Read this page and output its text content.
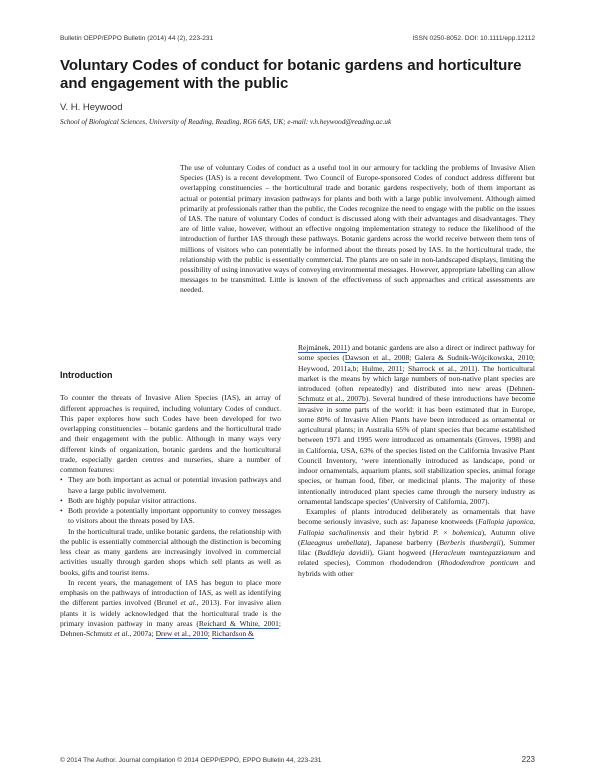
Bulletin OEPP/EPPO Bulletin (2014) 44 (2), 223-231	ISSN 0250-8052. DOI: 10.1111/epp.12112
Voluntary Codes of conduct for botanic gardens and horticulture and engagement with the public
V. H. Heywood
School of Biological Sciences, University of Reading, Reading, RG6 6AS, UK; e-mail: v.h.heywood@reading.ac.uk
The use of voluntary Codes of conduct as a useful tool in our armoury for tackling the problems of Invasive Alien Species (IAS) is a recent development. Two Council of Europe-sponsored Codes of conduct address different but overlapping constituencies – the horticultural trade and botanic gardens respectively, both of them important as actual or potential primary invasion pathways for plants and both with a large public involvement. Although aimed primarily at professionals rather than the public, the Codes recognize the need to engage with the public on the issues of IAS. The nature of voluntary Codes of conduct is discussed along with their advantages and disadvantages. They are of little value, however, without an effective ongoing implementation strategy to reduce the likelihood of the introduction of further IAS through these pathways. Botanic gardens across the world receive between them tens of millions of visitors who can potentially be informed about the threats posed by IAS. In the horticultural trade, the relationship with the public is essentially commercial. The plants are on sale in non-landscaped displays, limiting the possibility of using innovative ways of conveying environmental messages. However, appropriate labelling can allow messages to be transmitted. Little is known of the effectiveness of such approaches and critical assessments are needed.
Introduction

To counter the threats of Invasive Alien Species (IAS), an array of different approaches is required, including voluntary Codes of conduct. This paper explores how such Codes have been developed for two overlapping constituencies – botanic gardens and the horticultural trade and their engagement with the public. Although in many ways very different kinds of organization, botanic gardens and the horticultural trade, especially garden centres and nurseries, share a number of common features:

• They are both important as actual or potential invasion pathways and have a large public involvement.
• Both are highly popular visitor attractions.
• Both provide a potentially important opportunity to convey messages to visitors about the threats posed by IAS.

In the horticultural trade, unlike botanic gardens, the relationship with the public is essentially commercial although the distinction is becoming less clear as many gardens are increasingly involved in commercial activities usually through garden shops which sell plants as well as books, gifts and tourist items.

In recent years, the management of IAS has begun to place more emphasis on the pathways of introduction of IAS, as well as identifying the different parties involved (Brunel et al., 2013). For invasive alien plants it is widely acknowledged that the horticultural trade is the primary invasion pathway in many areas (Reichard & White, 2001; Dehnen-Schmutz et al., 2007a; Drew et al., 2010; Richardson &

Rejmánek, 2011) and botanic gardens are also a direct or indirect pathway for some species (Dawson et al., 2008; Galera & Sudnik-Wójcikowska, 2010; Heywood, 2011a,b; Hulme, 2011; Sharrock et al., 2011). The horticultural market is the means by which large numbers of non-native plant species are introduced (often repeatedly) and distributed into new areas (Dehnen-Schmutz et al., 2007b). Several hundred of these introductions have become invasive in some parts of the world: it has been estimated that in Europe, some 80% of Invasive Alien Plants have been introduced as ornamental or agricultural plants; in Australia 65% of plant species that became established between 1971 and 1995 were introduced as ornamentals (Groves, 1998) and in California, USA, 63% of the species listed on the California Invasive Plant Council Inventory, ‘were intentionally introduced as landscape, pond or indoor ornamentals, aquarium plants, soil stabilization species, animal forage species, or human food, fiber, or medicinal plants. The majority of these intentionally introduced plant species came through the nursery industry as ornamental landscape species’ (University of California, 2007).

Examples of plants introduced deliberately as ornamentals that have become seriously invasive, such as: Japanese knotweeds (Fallopia japonica, Fallopia sachalinensis and their hybrid P. × bohemica), Autumn olive (Elaeagnus umbellata), Japanese barberry (Berberis thunbergii), Summer lilac (Buddleja davidii), Giant hogweed (Heracleum mantegazzianum and related species), Common rhododendron (Rhododendron ponticum and hybrids with other

© 2014 The Author. Journal compilation © 2014 OEPP/EPPO, EPPO Bulletin 44, 223-231	223
